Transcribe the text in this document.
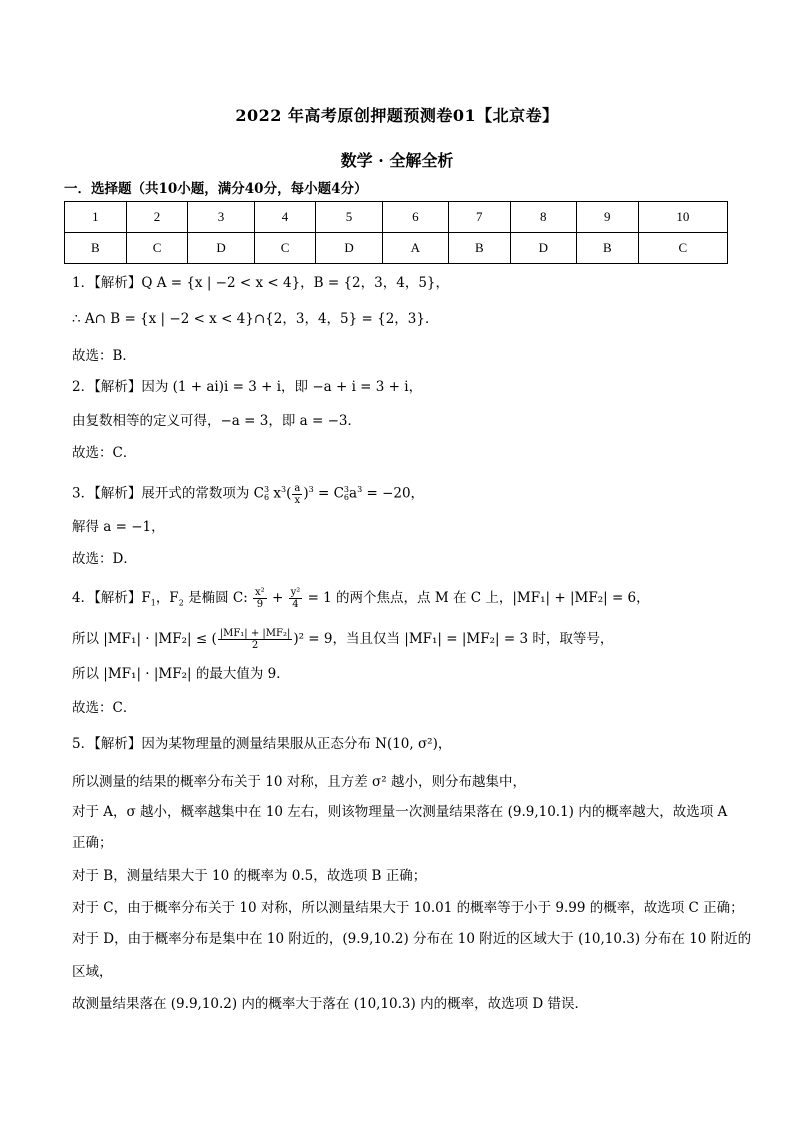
2022 年高考原创押题预测卷01【北京卷】
数学 · 全解全析
一．选择题（共10小题，满分40分，每小题4分）
1	2	3	4	5	6	7	8	9	10
B	C	D	C	D	A	B	D	B	C
1．【解析】Q A = {x | −2 < x < 4}，B = {2，3，4，5}，
∴ A∩ B = {x | −2 < x < 4}∩{2，3，4，5} = {2，3}．
故选：B．
2．【解析】因为 (1 + ai)i = 3 + i，即 −a + i = 3 + i，
由复数相等的定义可得，−a = 3，即 a = −3．
故选：C．
3．【解析】展开式的常数项为 C 3
6 $x^3( \frac{a}{x} )^3 = C$ 3
6 $a^3 = -20$，
解得 a = −1，
故选：D．
4．【解析】$F_1$，$F_2$ 是椭圆 C: $\frac{\text{x²}}{9} + \frac{\text{y²}}{4} = 1$ 的两个焦点，点 M 在 C 上，|MF₁| + |MF₂| = 6，
所以 |MF₁| · |MF₂| ≤ ( $\frac{\text{|MF₁| + |MF₂|}}{2} )^2 = 9$，当且仅当 |MF₁| = |MF₂| = 3 时，取等号，
所以 |MF₁| · |MF₂| 的最大值为 9．
故选：C．
5．【解析】因为某物理量的测量结果服从正态分布 N(10, σ²)，
所以测量的结果的概率分布关于 10 对称，且方差 σ² 越小，则分布越集中，
对于 A，σ 越小，概率越集中在 10 左右，则该物理量一次测量结果落在 (9.9,10.1) 内的概率越大，故选项 A
正确；
对于 B，测量结果大于 10 的概率为 0.5，故选项 B 正确；
对于 C，由于概率分布关于 10 对称，所以测量结果大于 10.01 的概率等于小于 9.99 的概率，故选项 C 正确；
对于 D，由于概率分布是集中在 10 附近的，(9.9,10.2) 分布在 10 附近的区域大于 (10,10.3) 分布在 10 附近的
区域，
故测量结果落在 (9.9,10.2) 内的概率大于落在 (10,10.3) 内的概率，故选项 D 错误．
